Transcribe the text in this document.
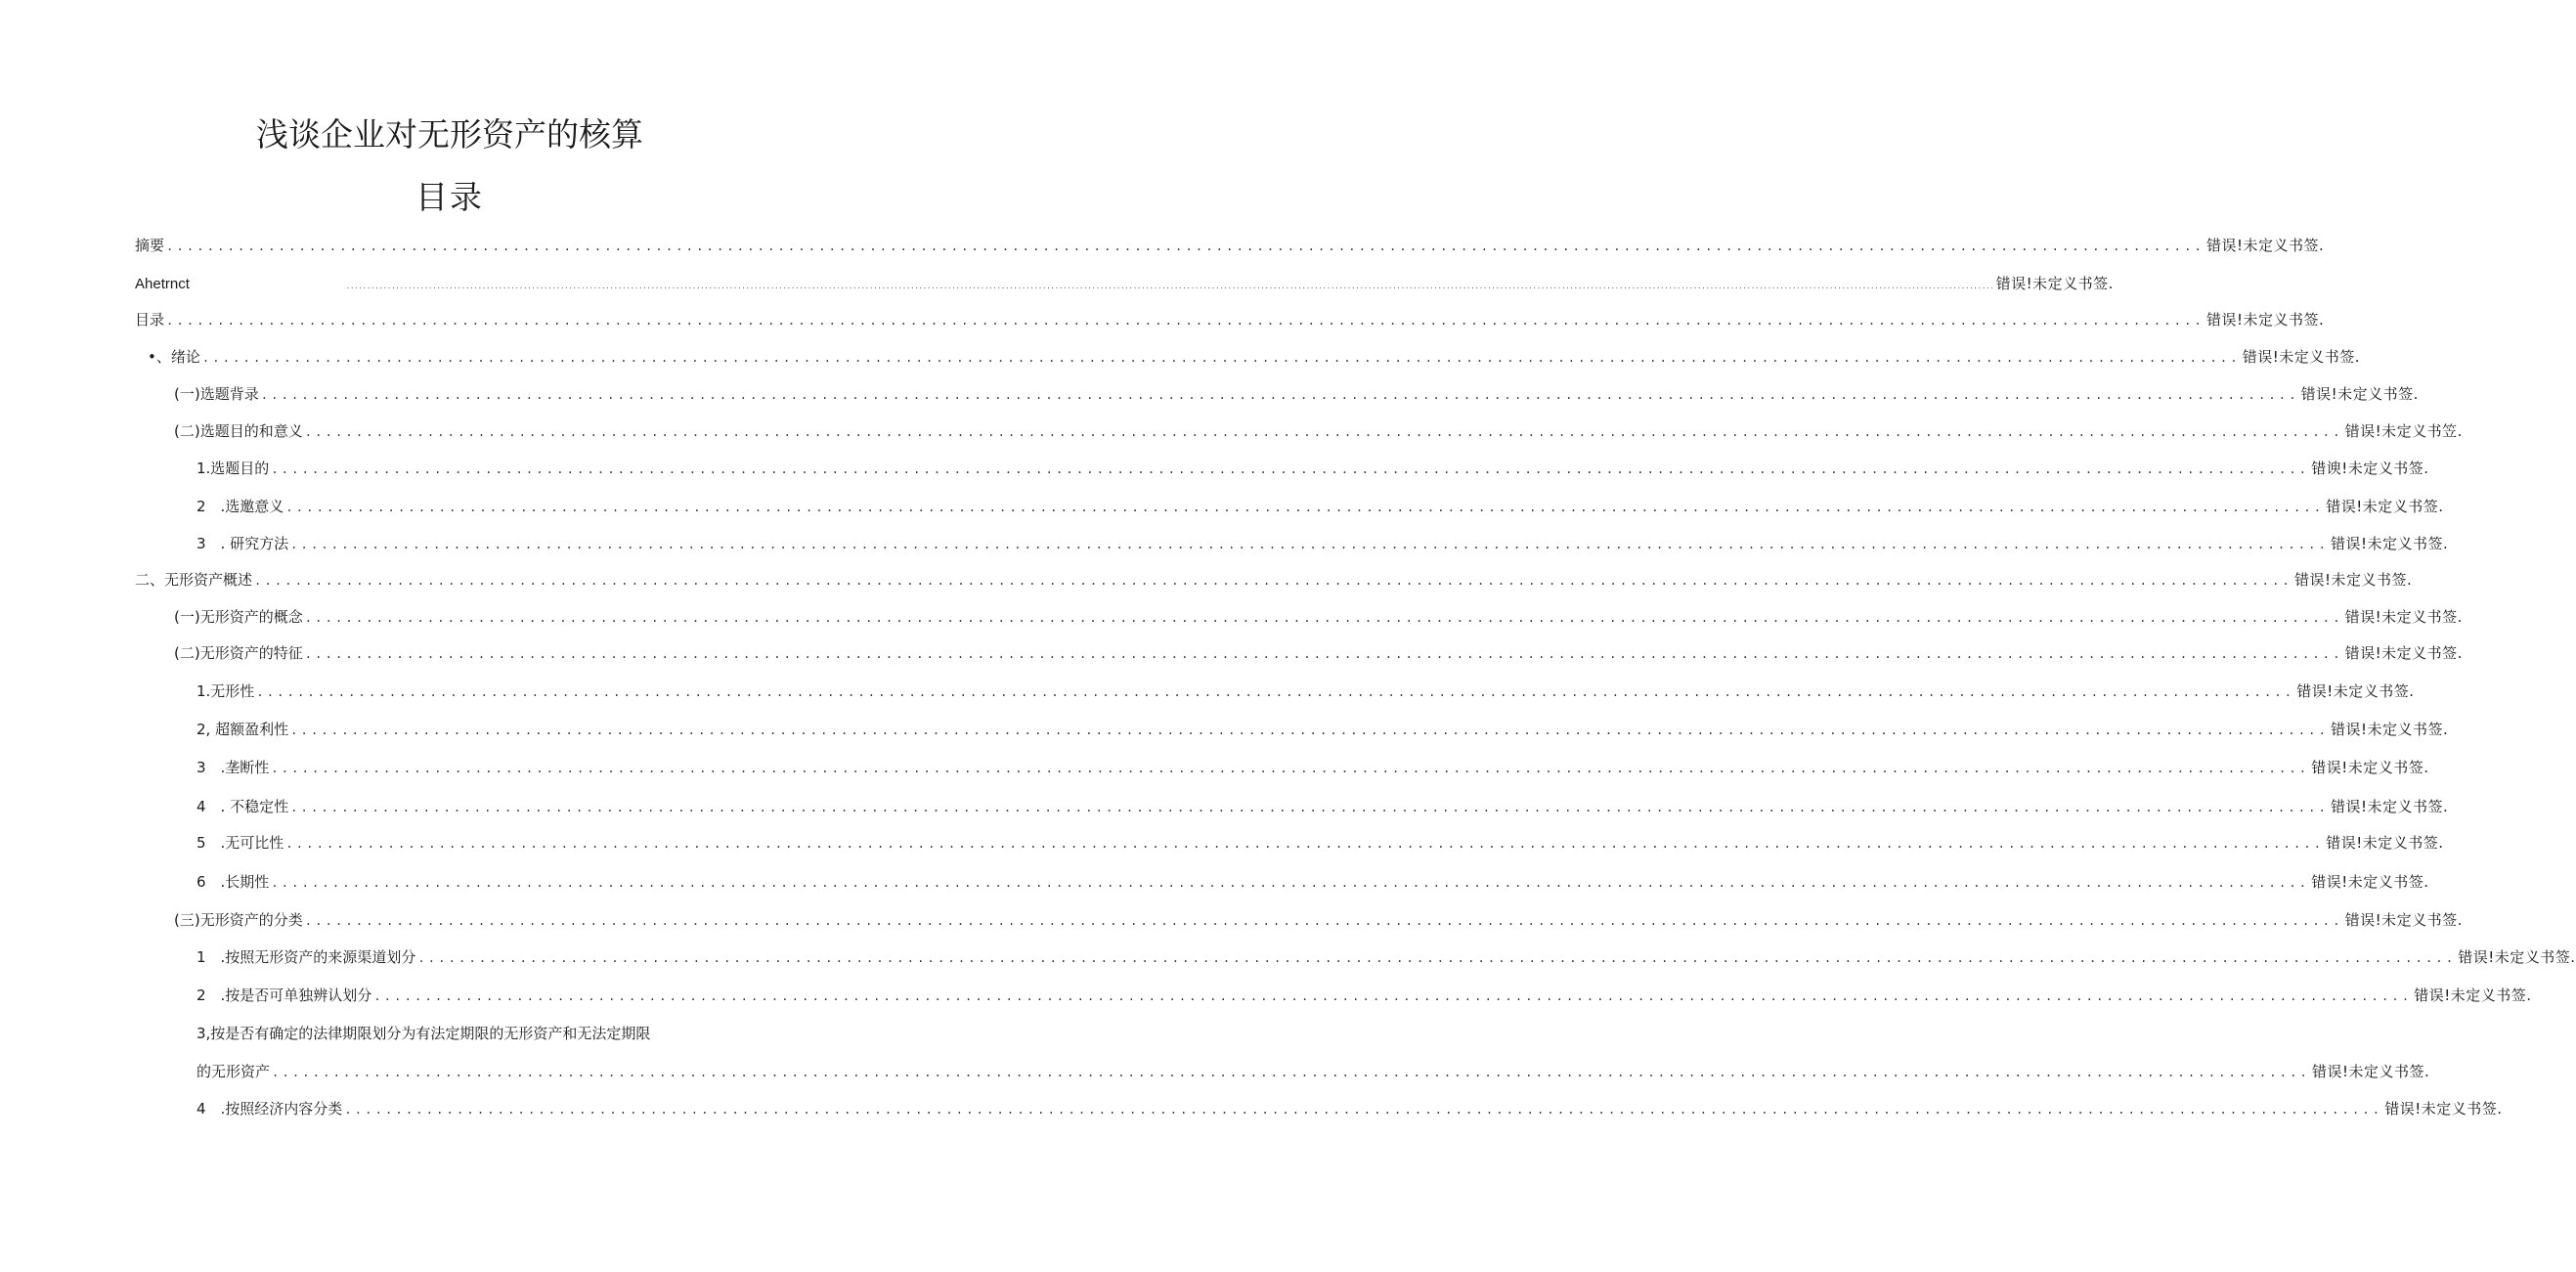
浅谈企业对无形资产的核算
目录
摘要 ........................................................................................................................................................................................................ 错误!未定义书签.
Ahetrnct	................................................................................................................................................................................................................................................................................................................................................................................................................ 错误!未定义书签.
目录 ........................................................................................................................................................................................................ 错误!未定义书签.
•、绪论 ........................................................................................................................................................................................................ 错误!未定义书签.
(一)选题背录 ........................................................................................................................................................................................................ 错误!未定义书签.
(二)选题目的和意义 ........................................................................................................................................................................................................ 错误!未定义书笠.
1.选题目的 ........................................................................................................................................................................................................ 错谀!未定义书签.
2　.选邀意义 ........................................................................................................................................................................................................ 错误!未定义书签.
3　. 研究方法 ........................................................................................................................................................................................................ 错误!未定义书签.
二、无形资产概述 ........................................................................................................................................................................................................ 错误!未定义书签.
(一)无形资产的概念 ........................................................................................................................................................................................................ 错误!未定义书签.
(二)无形资产的特征 ........................................................................................................................................................................................................ 错误!未定义书签.
1.无形性 ........................................................................................................................................................................................................ 错误!未定义书签.
2, 超额盈利性 ........................................................................................................................................................................................................ 错误!未定义书签.
3　.垄断性 ........................................................................................................................................................................................................ 错误!未定义书签.
4　. 不稳定性 ........................................................................................................................................................................................................ 错误!未定义书签.
5　.无可比性 ........................................................................................................................................................................................................ 错误!未定义书签.
6　.长期性 ........................................................................................................................................................................................................ 错误!未定义书签.
(三)无形资产的分类 ........................................................................................................................................................................................................ 错误!未定义书签.
1　.按照无形资产的来源渠道划分 ........................................................................................................................................................................................................ 错误!未定义书签.
2　.按是否可单独辨认划分 ........................................................................................................................................................................................................ 错误!未定义书签.
3,按是否有确定的法律期限划分为有法定期限的无形资产和无法定期限
的无形资产 ........................................................................................................................................................................................................ 错误!未定义书签.
4　.按照经济内容分类 ........................................................................................................................................................................................................ 错误!未定义书签.
